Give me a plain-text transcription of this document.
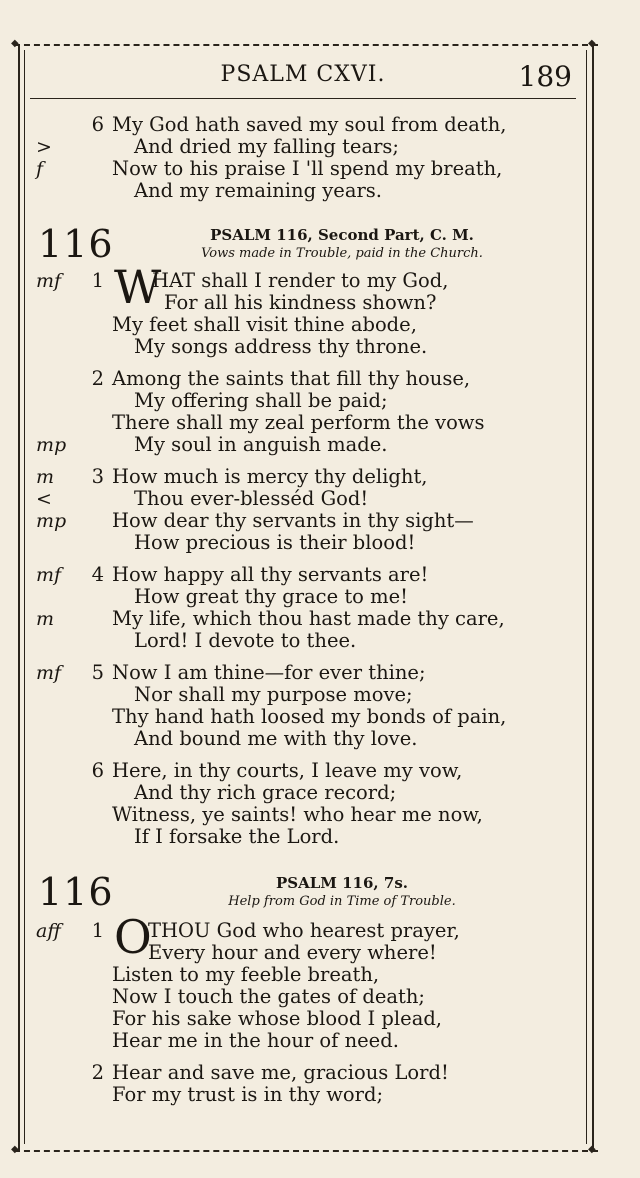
◆	◆
◆	◆
PSALM CXVI.	189
6 My God hath saved my soul from death,
>	And dried my falling tears;
f	Now to his praise I 'll spend my breath,
And my remaining years.
116	PSALM 116, Second Part, C. M.
Vows made in Trouble, paid in the Church.
mf 1 W
HAT shall I render to my God,
For all his kindness shown?
My feet shall visit thine abode,
My songs address thy throne.
2 Among the saints that fill thy house,
My offering shall be paid;
There shall my zeal perform the vows
mp	My soul in anguish made.
m 3 How much is mercy thy delight,
<	Thou ever-blesséd God!
mp How dear thy servants in thy sight—
How precious is their blood!
mf 4 How happy all thy servants are!
How great thy grace to me!
m	My life, which thou hast made thy care,
Lord! I devote to thee.
mf 5 Now I am thine—for ever thine;
Nor shall my purpose move;
Thy hand hath loosed my bonds of pain,
And bound me with thy love.
6 Here, in thy courts, I leave my vow,
And thy rich grace record;
Witness, ye saints! who hear me now,
If I forsake the Lord.
116	PSALM 116, 7s.
Help from God in Time of Trouble.
aff 1 O
THOU God who hearest prayer,
Every hour and every where!
Listen to my feeble breath,
Now I touch the gates of death;
For his sake whose blood I plead,
Hear me in the hour of need.
2 Hear and save me, gracious Lord!
For my trust is in thy word;
